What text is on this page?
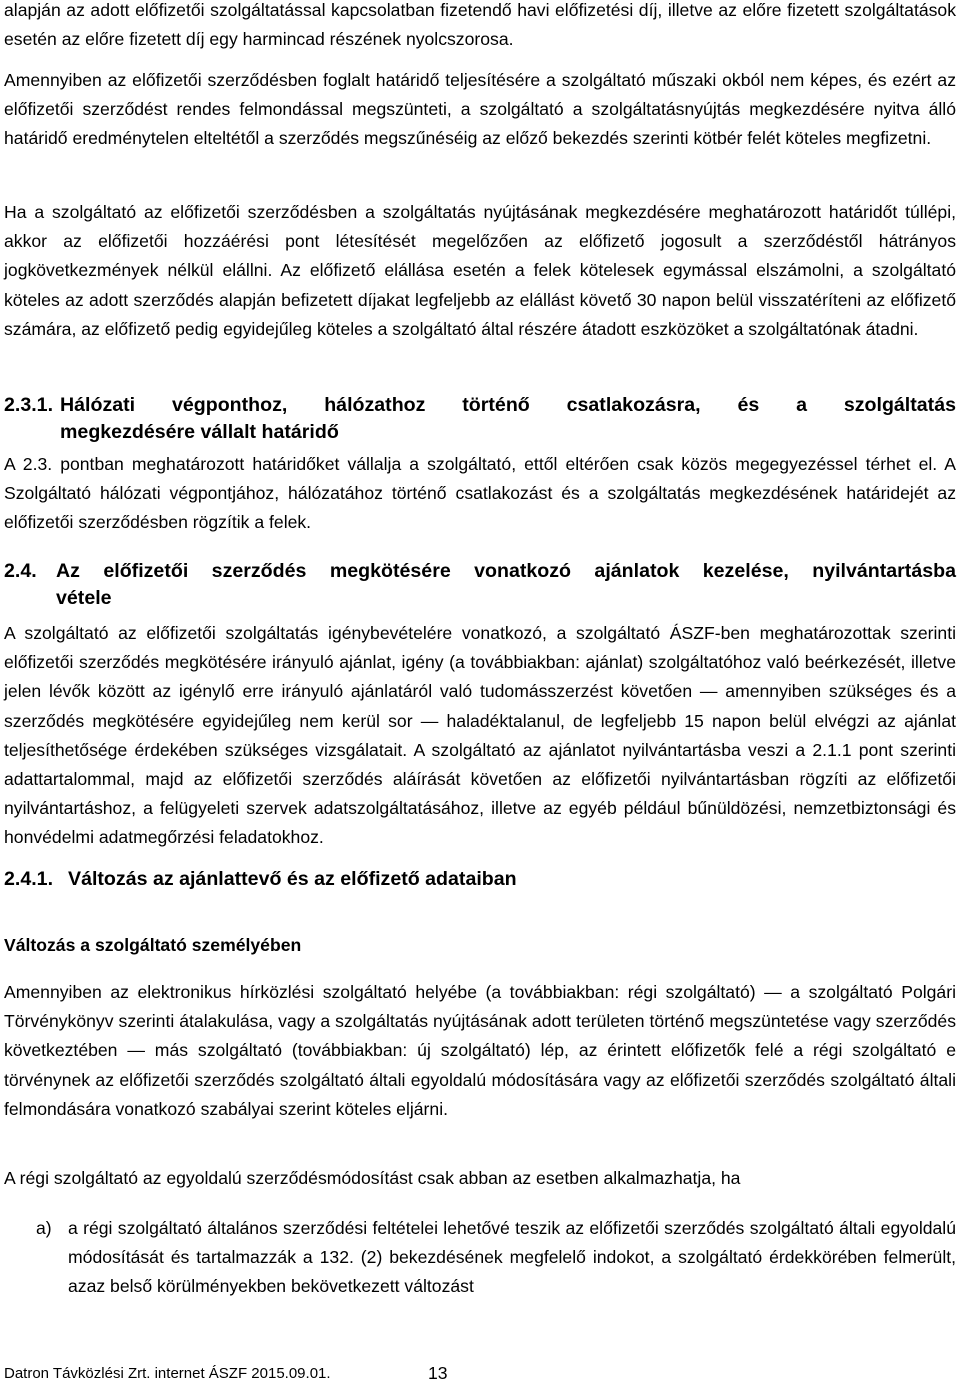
alapján az adott előfizetői szolgáltatással kapcsolatban fizetendő havi előfizetési díj, illetve az előre fizetett szolgáltatások esetén az előre fizetett díj egy harmincad részének nyolcszorosa.

Amennyiben az előfizetői szerződésben foglalt határidő teljesítésére a szolgáltató műszaki okból nem képes, és ezért az előfizetői szerződést rendes felmondással megszünteti, a szolgáltató a szolgáltatásnyújtás megkezdésére nyitva álló határidő eredménytelen elteltétől a szerződés megszűnéséig az előző bekezdés szerinti kötbér felét köteles megfizetni.

Ha a szolgáltató az előfizetői szerződésben a szolgáltatás nyújtásának megkezdésére meghatározott határidőt túllépi, akkor az előfizetői hozzáérési pont létesítését megelőzően az előfizető jogosult a szerződéstől hátrányos jogkövetkezmények nélkül elállni. Az előfizető elállása esetén a felek kötelesek egymással elszámolni, a szolgáltató köteles az adott szerződés alapján befizetett díjakat legfeljebb az elállást követő 30 napon belül visszatéríteni az előfizető számára, az előfizető pedig egyidejűleg köteles a szolgáltató által részére átadott eszközöket a szolgáltatónak átadni.

2.3.1. Hálózati végponthoz, hálózathoz történő csatlakozásra, és a szolgáltatás
megkezdésére vállalt határidő

A 2.3. pontban meghatározott határidőket vállalja a szolgáltató, ettől eltérően csak közös megegyezéssel térhet el. A Szolgáltató hálózati végpontjához, hálózatához történő csatlakozást és a szolgáltatás megkezdésének határidejét az előfizetői szerződésben rögzítik a felek.

2.4. Az előfizetői szerződés megkötésére vonatkozó ajánlatok kezelése, nyilvántartásba
vétele

A szolgáltató az előfizetői szolgáltatás igénybevételére vonatkozó, a szolgáltató ÁSZF-ben meghatározottak szerinti előfizetői szerződés megkötésére irányuló ajánlat, igény (a továbbiakban: ajánlat) szolgáltatóhoz való beérkezését, illetve jelen lévők között az igénylő erre irányuló ajánlatáról való tudomásszerzést követően ― amennyiben szükséges és a szerződés megkötésére egyidejűleg nem kerül sor ― haladéktalanul, de legfeljebb 15 napon belül elvégzi az ajánlat teljesíthetősége érdekében szükséges vizsgálatait. A szolgáltató az ajánlatot nyilvántartásba veszi a 2.1.1 pont szerinti adattartalommal, majd az előfizetői szerződés aláírását követően az előfizetői nyilvántartásban rögzíti az előfizetői nyilvántartáshoz, a felügyeleti szervek adatszolgáltatásához, illetve az egyéb például bűnüldözési, nemzetbiztonsági és honvédelmi adatmegőrzési feladatokhoz.

2.4.1. Változás az ajánlattevő és az előfizető adataiban
Változás a szolgáltató személyében

Amennyiben az elektronikus hírközlési szolgáltató helyébe (a továbbiakban: régi szolgáltató) ― a szolgáltató Polgári Törvénykönyv szerinti átalakulása, vagy a szolgáltatás nyújtásának adott területen történő megszüntetése vagy szerződés következtében ― más szolgáltató (továbbiakban: új szolgáltató) lép, az érintett előfizetők felé a régi szolgáltató e törvénynek az előfizetői szerződés szolgáltató általi egyoldalú módosítására vagy az előfizetői szerződés szolgáltató általi felmondására vonatkozó szabályai szerint köteles eljárni.

A régi szolgáltató az egyoldalú szerződésmódosítást csak abban az esetben alkalmazhatja, ha

a) a régi szolgáltató általános szerződési feltételei lehetővé teszik az előfizetői szerződés szolgáltató általi egyoldalú módosítását és tartalmazzák a 132. (2) bekezdésének megfelelő indokot, a szolgáltató érdekkörében felmerült, azaz belső körülményekben bekövetkezett változást

Datron Távközlési Zrt. internet ÁSZF 2015.09.01.	13
